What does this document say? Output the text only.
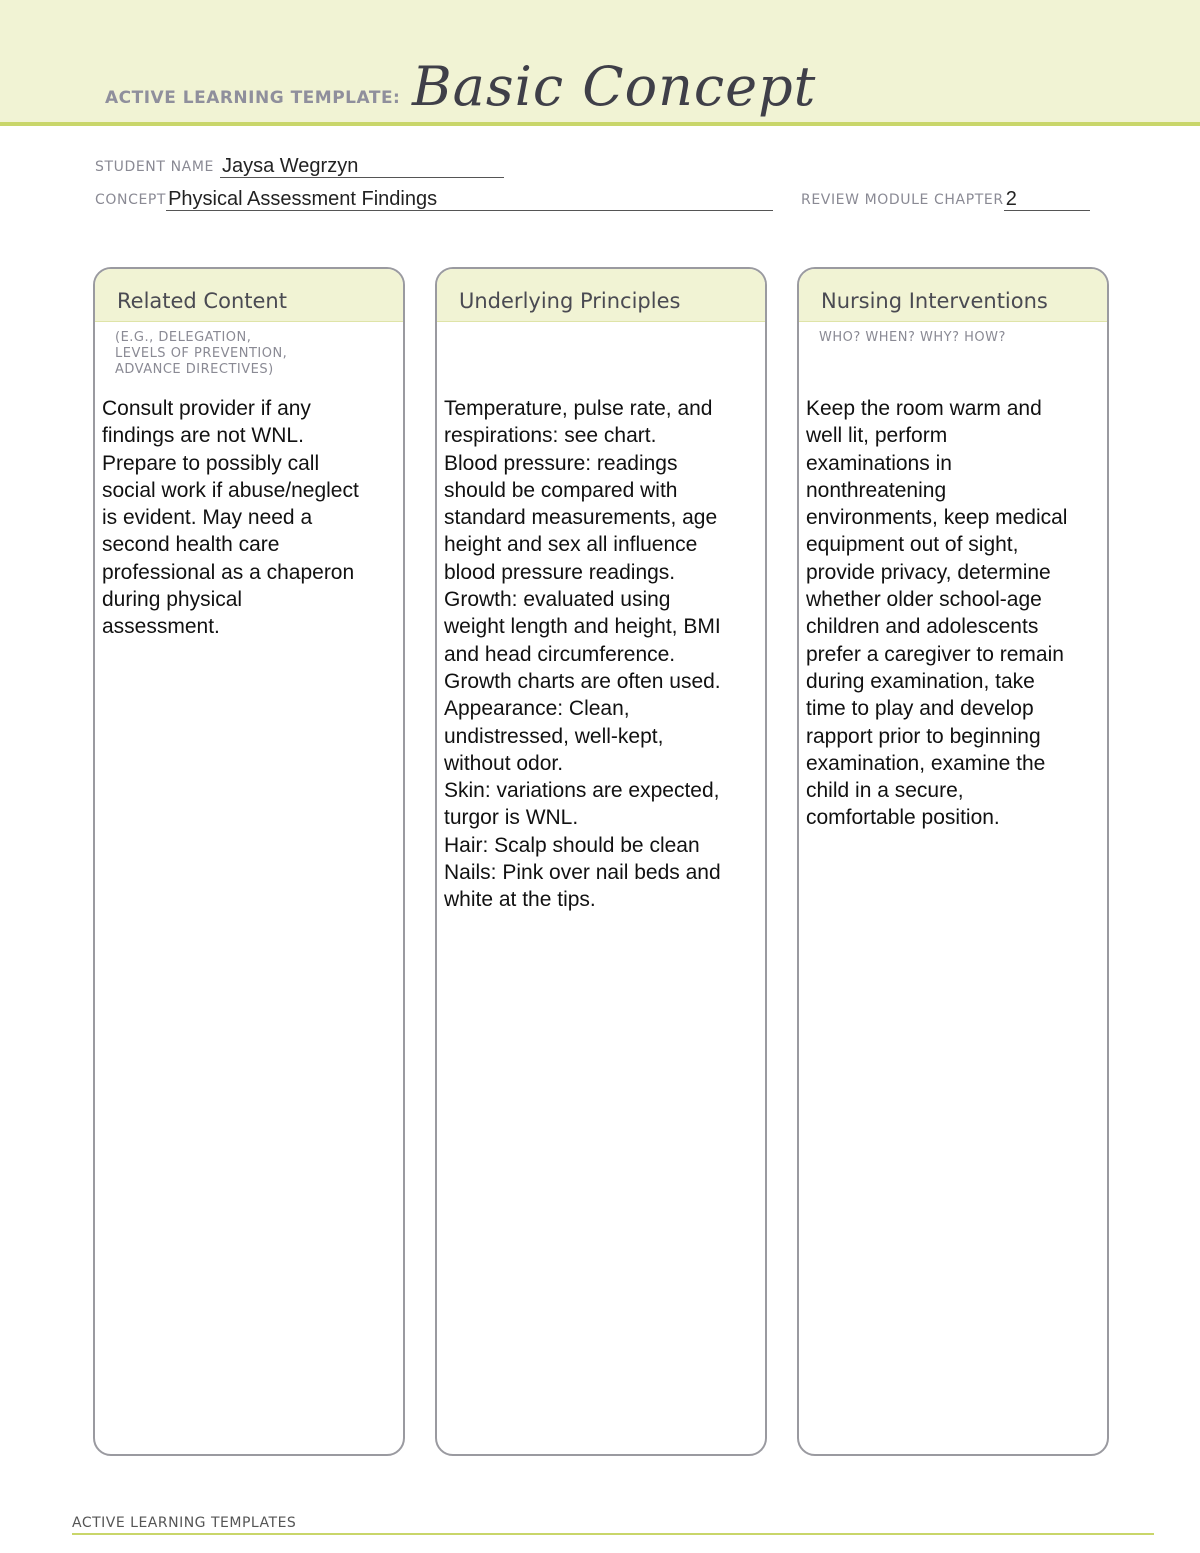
ACTIVE LEARNING TEMPLATE: Basic Concept
STUDENT NAME Jaysa Wegrzyn
CONCEPT Physical Assessment Findings	REVIEW MODULE CHAPTER 2
Related Content
(E.G., DELEGATION,
LEVELS OF PREVENTION,
ADVANCE DIRECTIVES)

Consult provider if any

findings are not WNL.

Prepare to possibly call

social work if abuse/neglect

is evident. May need a

second health care

professional as a chaperon

during physical

assessment.

Underlying Principles

Temperature, pulse rate, and

respirations: see chart.

Blood pressure: readings

should be compared with

standard measurements, age

height and sex all influence

blood pressure readings.

Growth: evaluated using

weight length and height, BMI

and head circumference.

Growth charts are often used.

Appearance: Clean,

undistressed, well-kept,

without odor.

Skin: variations are expected,

turgor is WNL.

Hair: Scalp should be clean

Nails: Pink over nail beds and

white at the tips.

Nursing Interventions
WHO? WHEN? WHY? HOW?

Keep the room warm and

well lit, perform

examinations in

nonthreatening

environments, keep medical

equipment out of sight,

provide privacy, determine

whether older school-age

children and adolescents

prefer a caregiver to remain

during examination, take

time to play and develop

rapport prior to beginning

examination, examine the

child in a secure,

comfortable position.

ACTIVE LEARNING TEMPLATES
